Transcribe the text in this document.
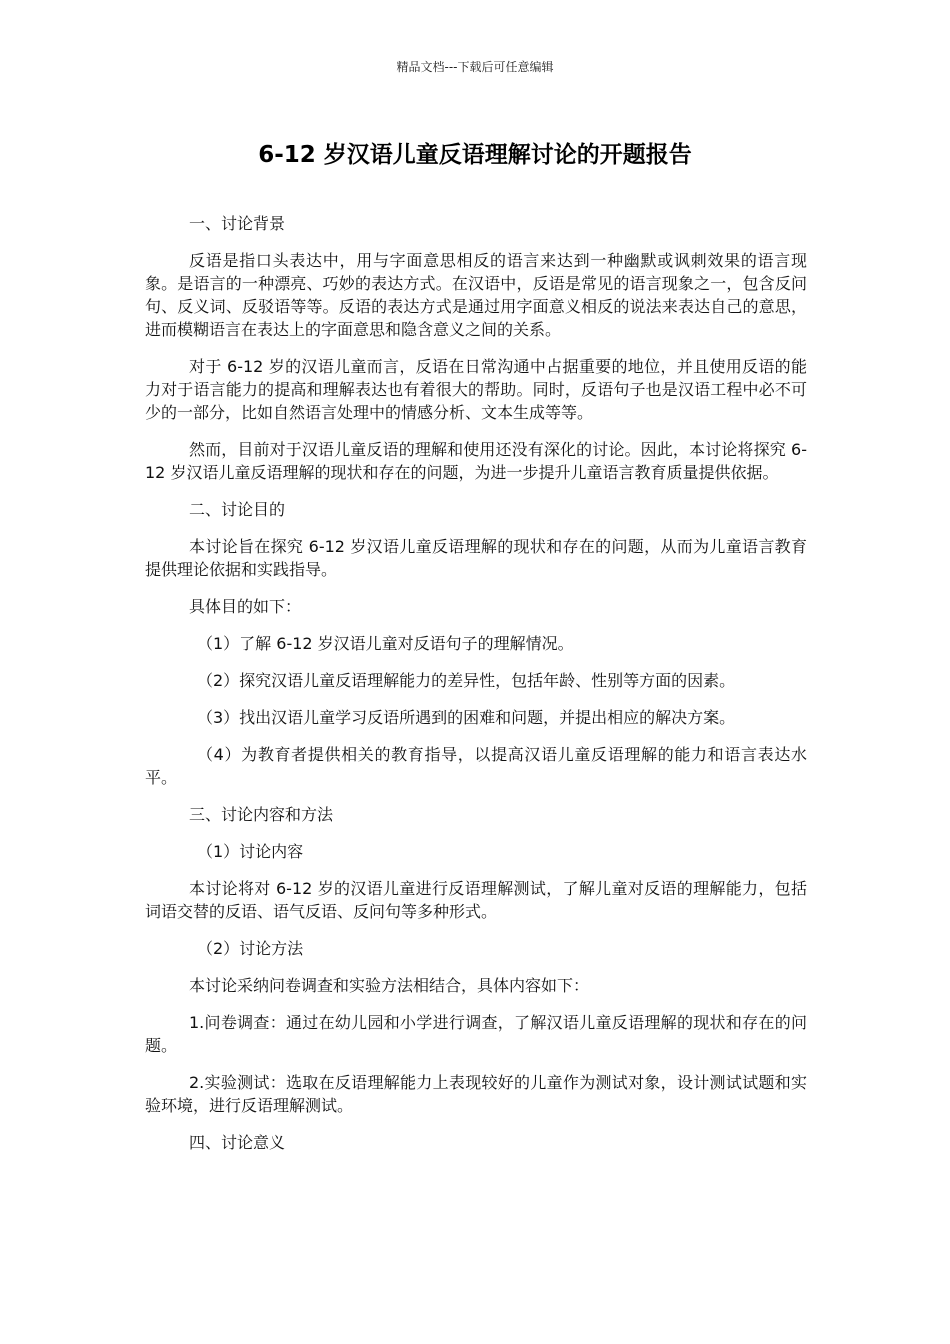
精品文档---下载后可任意编辑
6-12 岁汉语儿童反语理解讨论的开题报告

一、讨论背景

反语是指口头表达中，用与字面意思相反的语言来达到一种幽默或讽刺效果的语言现象。是语言的一种漂亮、巧妙的表达方式。在汉语中，反语是常见的语言现象之一，包含反问句、反义词、反驳语等等。反语的表达方式是通过用字面意义相反的说法来表达自己的意思，进而模糊语言在表达上的字面意思和隐含意义之间的关系。

对于 6-12 岁的汉语儿童而言，反语在日常沟通中占据重要的地位，并且使用反语的能力对于语言能力的提高和理解表达也有着很大的帮助。同时，反语句子也是汉语工程中必不可少的一部分，比如自然语言处理中的情感分析、文本生成等等。

然而，目前对于汉语儿童反语的理解和使用还没有深化的讨论。因此，本讨论将探究 6-12 岁汉语儿童反语理解的现状和存在的问题，为进一步提升儿童语言教育质量提供依据。

二、讨论目的

本讨论旨在探究 6-12 岁汉语儿童反语理解的现状和存在的问题，从而为儿童语言教育提供理论依据和实践指导。

具体目的如下：

（1）了解 6-12 岁汉语儿童对反语句子的理解情况。

（2）探究汉语儿童反语理解能力的差异性，包括年龄、性别等方面的因素。

（3）找出汉语儿童学习反语所遇到的困难和问题，并提出相应的解决方案。

（4）为教育者提供相关的教育指导，以提高汉语儿童反语理解的能力和语言表达水平。

三、讨论内容和方法

（1）讨论内容

本讨论将对 6-12 岁的汉语儿童进行反语理解测试，了解儿童对反语的理解能力，包括词语交替的反语、语气反语、反问句等多种形式。

（2）讨论方法

本讨论采纳问卷调查和实验方法相结合，具体内容如下：

1.问卷调查：通过在幼儿园和小学进行调查，了解汉语儿童反语理解的现状和存在的问题。

2.实验测试：选取在反语理解能力上表现较好的儿童作为测试对象，设计测试试题和实验环境，进行反语理解测试。

四、讨论意义
